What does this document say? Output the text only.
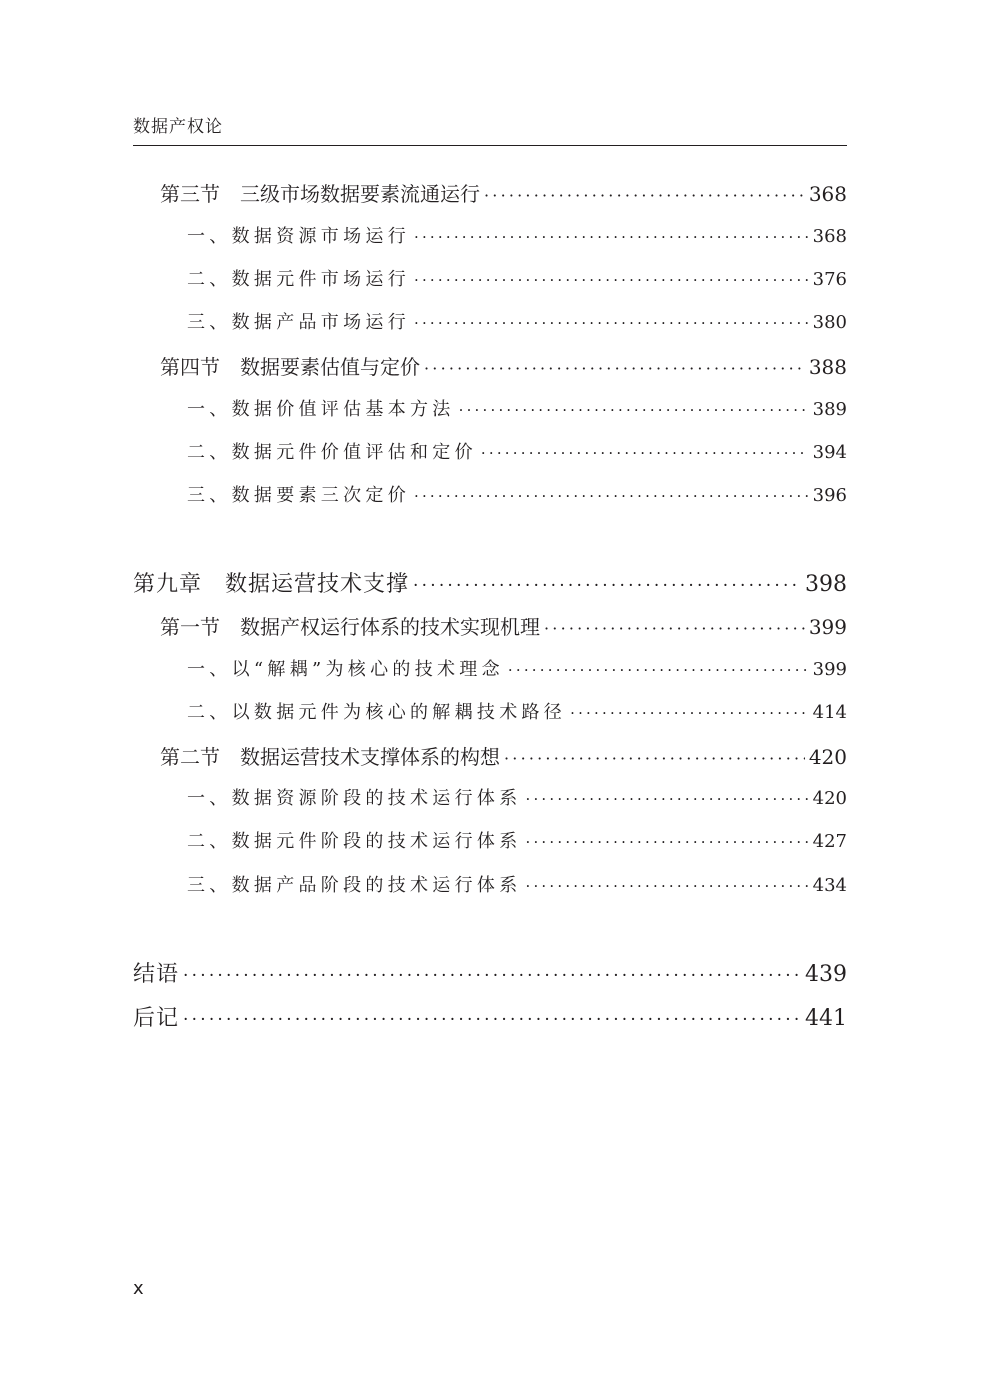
数据产权论
第三节　三级市场数据要素流通运行 ·····	368
一、数据资源市场运行 ·····	368
二、数据元件市场运行 ·····	376
三、数据产品市场运行 ·····	380
第四节　数据要素估值与定价 ·····	388
一、数据价值评估基本方法 ·····	389
二、数据元件价值评估和定价 ·····	394
三、数据要素三次定价 ·····	396
第九章　数据运营技术支撑 ·····	398
第一节　数据产权运行体系的技术实现机理 ·····	399
一、以“解耦”为核心的技术理念 ·····	399
二、以数据元件为核心的解耦技术路径 ·····	414
第二节　数据运营技术支撑体系的构想 ·····	420
一、数据资源阶段的技术运行体系 ·····	420
二、数据元件阶段的技术运行体系 ·····	427
三、数据产品阶段的技术运行体系 ·····	434
结语 ·····	439
后记 ·····	441
x
